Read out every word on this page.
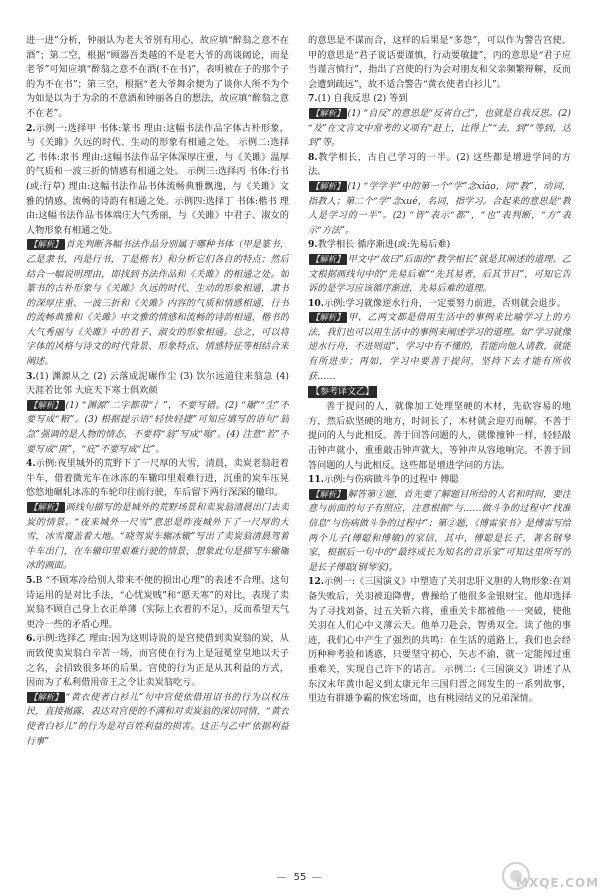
进一进”分析，钟丽认为老大爷别有用心，故应填“醉翁之意不在酒”；第二空，根据“顾器吾类越的不是老大爷的高谈阔论，而是老爷”可知应填“醉翁之意不在酒(不在书)”，表明被在子的那个子的为不在书”；第三空，根据“老大爷舞余便为了谈你人所不为个为如是以为于为余的不意酒和钟丽各自的想法，故应填“醉翁之意不在老”。
2.示例一:选择甲 书体:篆书 理由:这幅书法作品字体古朴形象，与《关雎》久远的时代、生动的形象有相通之处。 示例二:选择乙 书体:隶书 理由:这幅书法作品字体深厚庄重，与《关雎》温厚的气质和一波三折的情感有相通之处。 示例三:选择丙 书体:行书(或:行草) 理由:这幅书法作品书体流畅典雅飘逸，与《关雎》文雅的情感、流畅的诗韵有相通之处。示例四:选择丁 书体:楷书 理由:这幅书法作品书体端庄大气秀丽，与《关雎》中君子、淑女的人物形象有相通之处。
【解析】 首先判断各幅书法作品分别属于哪种书体（甲是篆书，乙是隶书，丙是行书，丁是楷书）和分析它们各自的特点；然后结合一幅说明理由，即找到书法作品和《关雎》的相通之处。如篆书的古朴形象与《关雎》久远的时代、生动的形象相通，隶书的深厚庄重、一波三折和《关雎》内容的气质和情感相通，行书的流畅典雅和《关雎》中文雅的情感和流畅的诗韵相通，楷书的大气秀丽与《关雎》中的君子、淑女的形象相通。总之，可以将字体的风格与诗文的时代背景、形象特点、情感特征等相结合来阐述。
3.(1) 渊源从之 (2) 云落成泥碾作尘 (3) 饮尔远道往来翁急 (4) 天涯若比邻 大庇天下寒士俱欢颜
【解析】 (1) “渊源”二字都带“氵”，不要写错。(2) “碾”“尘”不要写成“粮”。(3) 根据提示语“轻快轻捷”可知应填写的语句“翁急”强调的是人物的情态，不要将“翁”写成“嗡”。(4) 注意“若”不要写成“匿”，“庇”不要写成“比”。
4.示例:夜里城外的荒野下了一尺厚的大雪，清晨，卖炭老翁赶着牛车，借着微光车在冰冻的车辙印里艰难行进，沉重的炭车压晃悠悠地碾轧冰冻的车轮印往前行驶，车后留下两行深深的辙印。
【解析】 画线句描写的是城外的荒野场景和卖炭翁清晨出门去卖炭的情景。“夜来城外一尺雪”意思是昨夜城外下了一尺厚的大雪，冰雪覆盖着大地。“晓驾炭车辗冰辙”写出了卖炭翁清晨驾着牛车出门，在车辙印里艰难行驶的情景，想象此句是描写车辙碾冰的画面。
5.B “不顾寒冷给别人带来不便的损出心理”的表述不合理。这句诗运用的是对比手法，“心忧炭贱”和“愿天寒”的对比，表现了卖炭翁不顾自己身上衣正单薄（实际上衣着的不足），反而希望天气更冷一些的矛盾心理。
6.示例:选择乙 理由:因为这则诗说的是宫使借到卖炭翁的炭，从而致使卖炭翁白辛苦一场，而宫使在行为上是冠冕堂皇地以天子之名，会招致很多坏的后果。宫使的行为正是从其利益的方式，因而为了私利借用帝王之令让卖炭翁吃亏。
【解析】 “黄衣使者白衫儿”句中宫使依借用诏书的行为以权压民，直接揭露，表达对宫使的不满和对卖炭翁的深切同情，“黄衣使者白衫儿”的行为是对百姓利益的损害。这正与乙中“依据利益行事”
的意思是不谋而合，这样的后果是“多怨”，可以作为警告宫使。甲的意思是“君子说话要谨慎，行动要敏捷”，丙的意思是“君子应当谨言慎行”，指出了宫使的行为会对朋友和父亲频繁辩解，反而会遭到疏远”，故不适合警告“黄衣使者白衫儿”。
7.(1) 自我反思 (2) 等到
【解析】 (1) “自反”的意思是“反省自己”，也就是自我反思。(2) “及”在文言文中常考的义项有“赶上，比得上”“去，到”“等到，达到”等。
8.教学相长，古自己学习的一半。(2) 这些都是增进学问的方法。
【解析】 (1) “学学半”中的第一个“学”念xiào，同“教”，动词，指教人；第二个“学”念xué，名词，指学习。合起来的意思是“教人是学习的一半”。(2) “皆”表示“都”，“也”表判断，“方”表示“方法”。
9.教学相长 循序渐进(或:先易后难)
【解析】 甲文中“故曰”后面的“教学相长”就是其阐述的道理。乙文根据画线句中的“先易后难”“先其易者，后其节目”，可知它告诉的是学习应该循序渐进，先易后难的道理。
10.示例:学习就像逆水行舟，一定要努力前进，否则就会退步。
【解析】 甲、乙两文都是借用生活中的事例来比喻学习上的方法，我们也可以用生活中的事例来阐述学习的道理。如“学习就像逆水行舟，不进则退”，学习中有不懂的，若能向他人请教，就能有所进步；再如，学习中要善于提问，坚持下去才能有所收获……
【参考译文乙】
善于提问的人，就像加工处理坚硬的木材，先砍容易的地方，然后砍坚硬的地方，时间长了，木材就会迎刃而解。不善于提问的人与此相反。善于回答问题的人，就像撞钟一样，轻轻敲击钟声就小，重重敲击钟声就大，等钟声从容地响完。不善于回答问题的人与此相反。这些都是增进学问的方法。
11.示例:与伤病做斗争的过程中 傅聪
【解析】 解答第①题，首先要了解题目所给的人名和时间，要注意与前面的句子有照应，注意根据“与……做斗争的过程中”找准信息“与伤病做斗争的过程中”；第②题，《傅雷家书》是傅雷写给两个儿子(傅聪和傅敏)的家信，其中，傅聪是长子，著名钢琴家，根据后一句中的“最终成长为知名的音乐家”可知这里所写的是长子傅聪(钢琴家)。
12.示例一:《三国演义》中塑造了关羽忠肝义胆的人物形象:在刘备失败后，关羽被迫降曹，曹操给了他很多金银财宝。他却选择为了寻找刘备，过五关斩六将，重重关卡都被他一一突破，使他关羽在人们心中义薄云天。他单刀赴会，智勇双全。读了他的事迹，我们心中产生了强烈的共鸣：在生活的道路上，我们也会经历种种考验和诱惑，只要坚守初心，矢志不渝，就一定能闯过重重难关，实现自己许下的诺言。 示例二:《三国演义》讲述了从东汉末年黄巾起义到太康元年三国归晋之间发生的一系列故事，里边有群雄争霸的恢宏场面，也有桃园结义的兄弟深情。
— 55 —	MXQE.COM
